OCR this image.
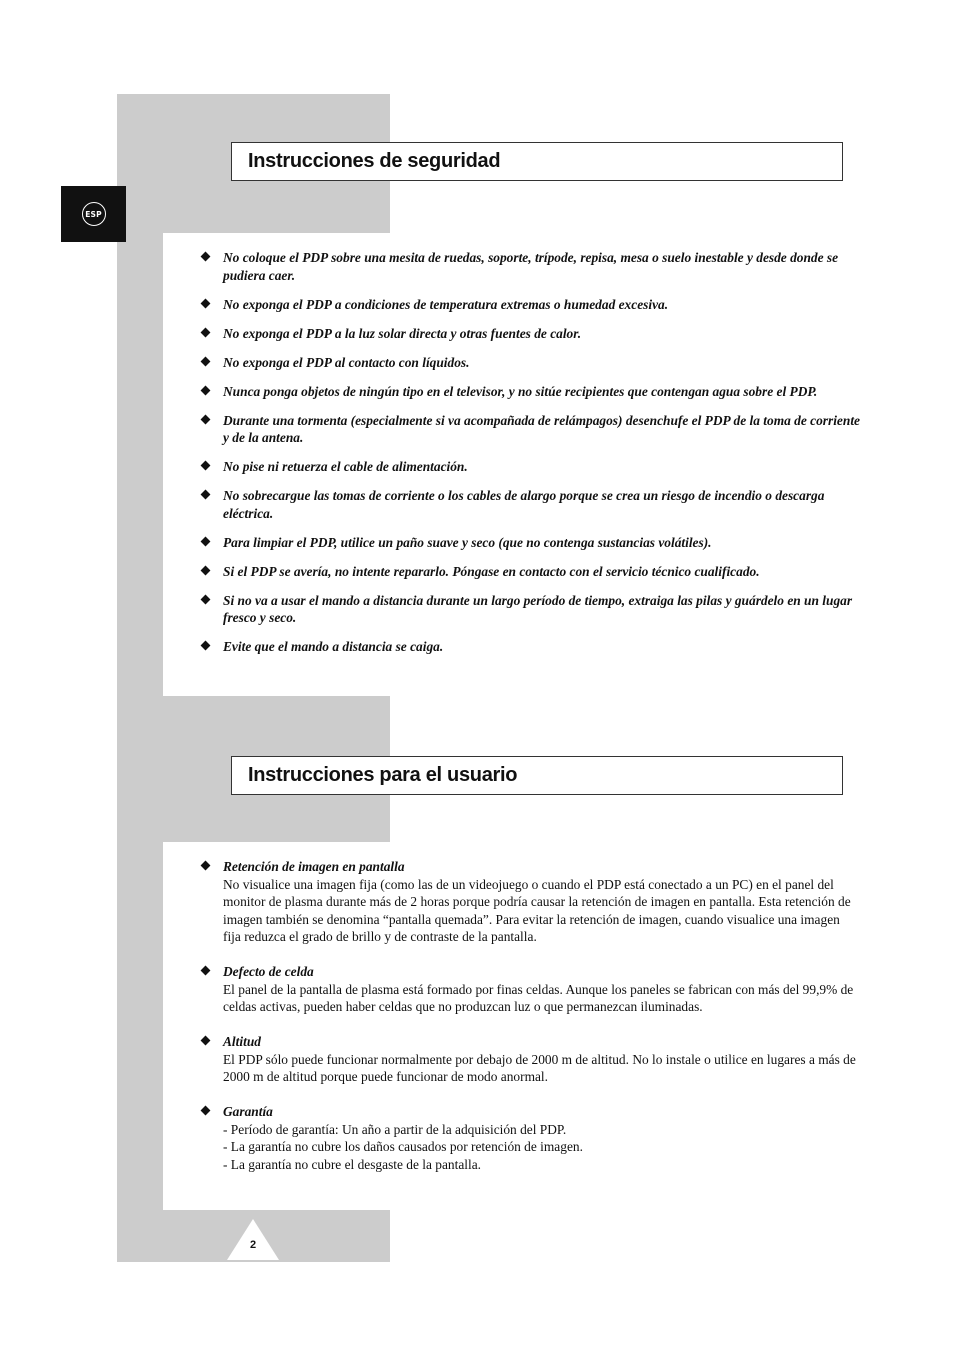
ESP
Instrucciones de seguridad
No coloque el PDP sobre una mesita de ruedas, soporte, trípode, repisa, mesa o suelo inestable y desde donde se pudiera caer.
No exponga el PDP a condiciones de temperatura extremas o humedad excesiva.
No exponga el PDP a la luz solar directa y otras fuentes de calor.
No exponga el PDP al contacto con líquidos.
Nunca ponga objetos de ningún tipo en el televisor, y no sitúe recipientes que contengan agua sobre el PDP.
Durante una tormenta (especialmente si va acompañada de relámpagos) desenchufe el PDP de la toma de corriente y de la antena.
No pise ni retuerza el cable de alimentación.
No sobrecargue las tomas de corriente o los cables de alargo porque se crea un riesgo de incendio o descarga eléctrica.
Para limpiar el PDP, utilice un paño suave y seco (que no contenga sustancias volátiles).
Si el PDP se avería, no intente repararlo. Póngase en contacto con el servicio técnico cualificado.
Si no va a usar el mando a distancia durante un largo período de tiempo, extraiga las pilas y guárdelo en un lugar fresco y seco.
Evite que el mando a distancia se caiga.
Instrucciones para el usuario
Retención de imagen en pantalla
No visualice una imagen fija (como las de un videojuego o cuando el PDP está conectado a un PC) en el panel del monitor de plasma durante más de 2 horas porque podría causar la retención de imagen en pantalla. Esta retención de imagen también se denomina “pantalla quemada”. Para evitar la retención de imagen, cuando visualice una imagen fija reduzca el grado de brillo y de contraste de la pantalla.
Defecto de celda
El panel de la pantalla de plasma está formado por finas celdas. Aunque los paneles se fabrican con más del 99,9% de celdas activas, pueden haber celdas que no produzcan luz o que permanezcan iluminadas.
Altitud
El PDP sólo puede funcionar normalmente por debajo de 2000 m de altitud. No lo instale o utilice en lugares a más de 2000 m de altitud porque puede funcionar de modo anormal.
Garantía
- Período de garantía: Un año a partir de la adquisición del PDP.
- La garantía no cubre los daños causados por retención de imagen.
- La garantía no cubre el desgaste de la pantalla.
2
